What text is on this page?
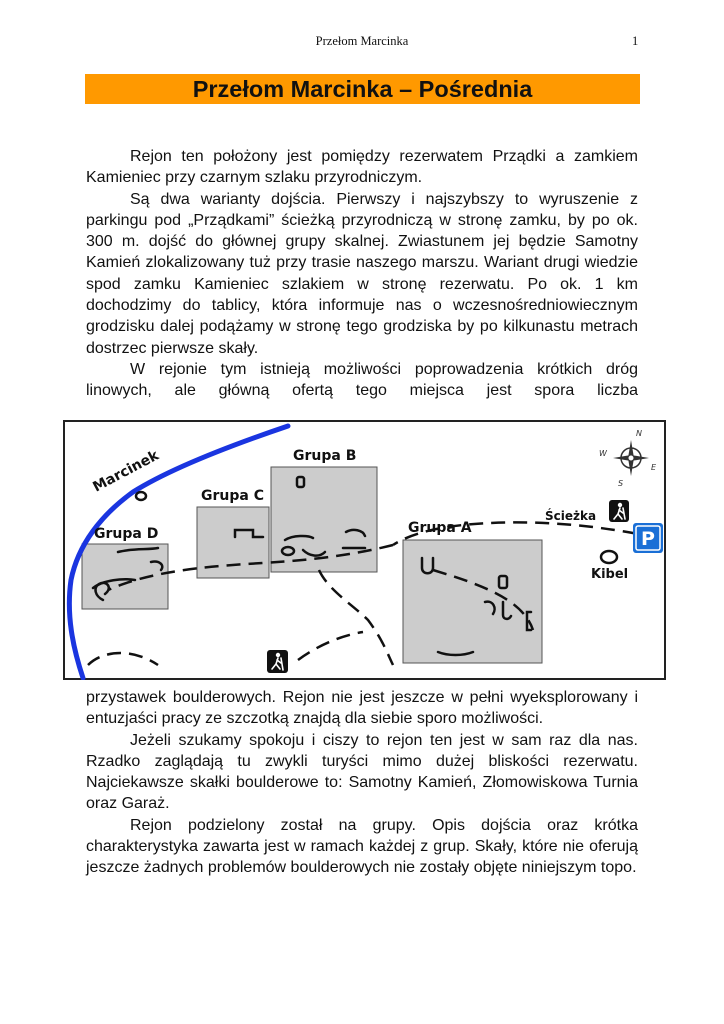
Przełom Marcinka	1
Przełom Marcinka – Pośrednia

Rejon ten położony jest pomiędzy rezerwatem Prządki a zamkiem Kamieniec przy czarnym szlaku przyrodniczym.

Są dwa warianty dojścia. Pierwszy i najszybszy to wyruszenie z parkingu pod „Prządkami” ścieżką przyrodniczą w stronę zamku, by po ok. 300 m. dojść do głównej grupy skalnej. Zwiastunem jej będzie Samotny Kamień zlokalizowany tuż przy trasie naszego marszu. Wariant drugi wiedzie spod zamku Kamieniec szlakiem w stronę rezerwatu. Po ok. 1 km dochodzimy do tablicy, która informuje nas o wczesnośredniowiecznym grodzisku dalej podążamy w stronę tego grodziska by po kilkunastu metrach dostrzec pierwsze skały.

W rejonie tym istnieją możliwości poprowadzenia krótkich dróg linowych, ale główną ofertą tego miejsca jest spora liczba

Marcinek
Grupa D
Grupa C
Grupa B
Grupa A
Ścieżka
Kibel
P
N
W
E
S

przystawek boulderowych. Rejon nie jest jeszcze w pełni wyeksplorowany i entuzjaści pracy ze szczotką znajdą dla siebie sporo możliwości.

Jeżeli szukamy spokoju i ciszy to rejon ten jest w sam raz dla nas. Rzadko zaglądają tu zwykli turyści mimo dużej bliskości rezerwatu. Najciekawsze skałki boulderowe to: Samotny Kamień, Złomowiskowa Turnia oraz Garaż.

Rejon podzielony został na grupy. Opis dojścia oraz krótka charakterystyka zawarta jest w ramach każdej z grup. Skały, które nie oferują jeszcze żadnych problemów boulderowych nie zostały objęte niniejszym topo.
